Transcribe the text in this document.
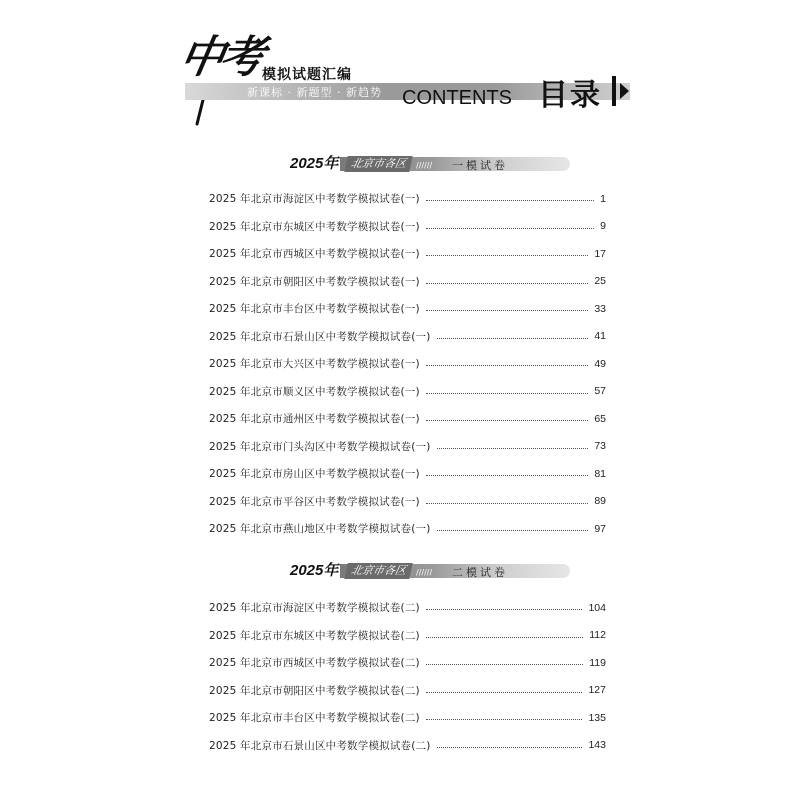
中考
模拟试题汇编
新课标 · 新题型 · 新趋势 CONTENTS 目录
2025年	北京市各区	////// 一模试卷
2025 年北京市海淀区中考数学模拟试卷(一)	1
2025 年北京市东城区中考数学模拟试卷(一)	9
2025 年北京市西城区中考数学模拟试卷(一)	17
2025 年北京市朝阳区中考数学模拟试卷(一)	25
2025 年北京市丰台区中考数学模拟试卷(一)	33
2025 年北京市石景山区中考数学模拟试卷(一)	41
2025 年北京市大兴区中考数学模拟试卷(一)	49
2025 年北京市顺义区中考数学模拟试卷(一)	57
2025 年北京市通州区中考数学模拟试卷(一)	65
2025 年北京市门头沟区中考数学模拟试卷(一)	73
2025 年北京市房山区中考数学模拟试卷(一)	81
2025 年北京市平谷区中考数学模拟试卷(一)	89
2025 年北京市燕山地区中考数学模拟试卷(一)	97
2025年	北京市各区	////// 二模试卷
2025 年北京市海淀区中考数学模拟试卷(二)	104
2025 年北京市东城区中考数学模拟试卷(二)	112
2025 年北京市西城区中考数学模拟试卷(二)	119
2025 年北京市朝阳区中考数学模拟试卷(二)	127
2025 年北京市丰台区中考数学模拟试卷(二)	135
2025 年北京市石景山区中考数学模拟试卷(二)	143
